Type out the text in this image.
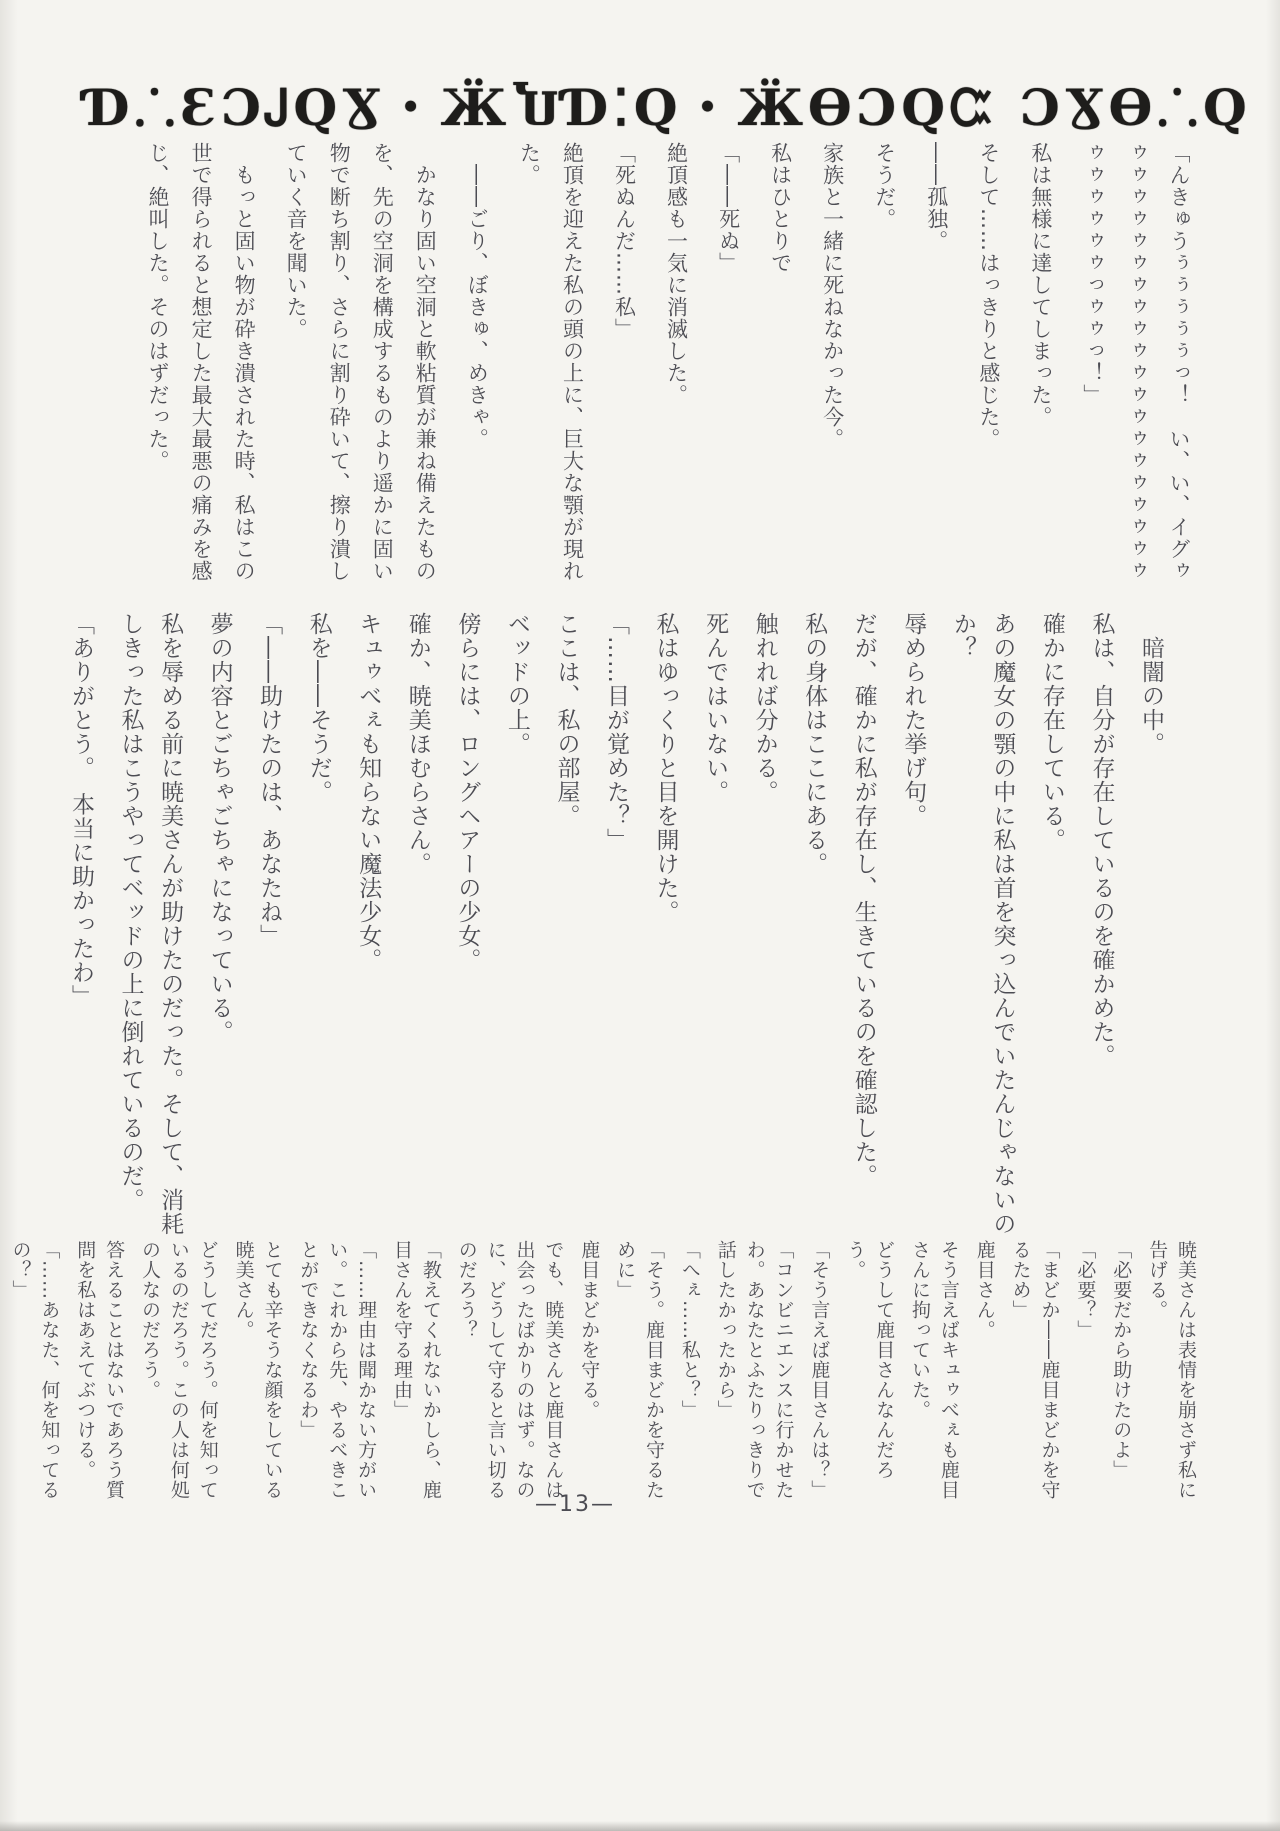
Ɗ⸫ƐƆᎫQƔ・ӜႮƊ⁚Q・ӜƟƆQᏨ ƆƔƟ⸫Q

「んきゅうぅぅぅぅぅっ！　い、い、イグゥゥゥゥゥゥゥゥゥゥゥゥゥゥゥゥゥゥゥゥゥゥゥゥゥゥゥっゥゥっ！」

私は無様に達してしまった。

そして……はっきりと感じた。

――孤独。

そうだ。

家族と一緒に死ねなかった今。

私はひとりで

「――死ぬ」

絶頂感も一気に消滅した。

「死ぬんだ……私」

絶頂を迎えた私の頭の上に、巨大な顎が現れた。

　――ごり、ぼきゅ、めきゃ。

　かなり固い空洞と軟粘質が兼ね備えたものを、先の空洞を構成するものより遥かに固い物で断ち割り、さらに割り砕いて、擦り潰していく音を聞いた。

　もっと固い物が砕き潰された時、私はこの世で得られると想定した最大最悪の痛みを感じ、絶叫した。そのはずだった。

　暗闇の中。

私は、自分が存在しているのを確かめた。

確かに存在している。

あの魔女の顎の中に私は首を突っ込んでいたんじゃないのか？

辱められた挙げ句。

だが、確かに私が存在し、生きているのを確認した。

私の身体はここにある。

触れれば分かる。

死んではいない。

私はゆっくりと目を開けた。

「……目が覚めた？」

ここは、私の部屋。

ベッドの上。

傍らには、ロングヘアーの少女。

確か、暁美ほむらさん。

キュゥべぇも知らない魔法少女。

私を――そうだ。

「――助けたのは、あなたね」

夢の内容とごちゃごちゃになっている。

私を辱める前に暁美さんが助けたのだった。そして、消耗しきった私はこうやってベッドの上に倒れているのだ。

「ありがとう。　本当に助かったわ」

暁美さんは表情を崩さず私に告げる。

「必要だから助けたのよ」

「必要？」

「まどか――鹿目まどかを守るため」

鹿目さん。

そう言えばキュゥべぇも鹿目さんに拘っていた。

どうして鹿目さんなんだろう。

「そう言えば鹿目さんは？」

「コンビニエンスに行かせたわ。あなたとふたりっきりで話したかったから」

「へぇ……私と？」

「そう。鹿目まどかを守るために」

鹿目まどかを守る。

でも、暁美さんと鹿目さんは出会ったばかりのはず。なのに、どうして守ると言い切るのだろう？

「教えてくれないかしら、鹿目さんを守る理由」

「……理由は聞かない方がいい。これから先、やるべきことができなくなるわ」

とても辛そうな顔をしている暁美さん。

どうしてだろう。何を知っているのだろう。この人は何処の人なのだろう。

答えることはないであろう質問を私はあえてぶつける。

「……あなた、何を知ってるの？」

—13—
